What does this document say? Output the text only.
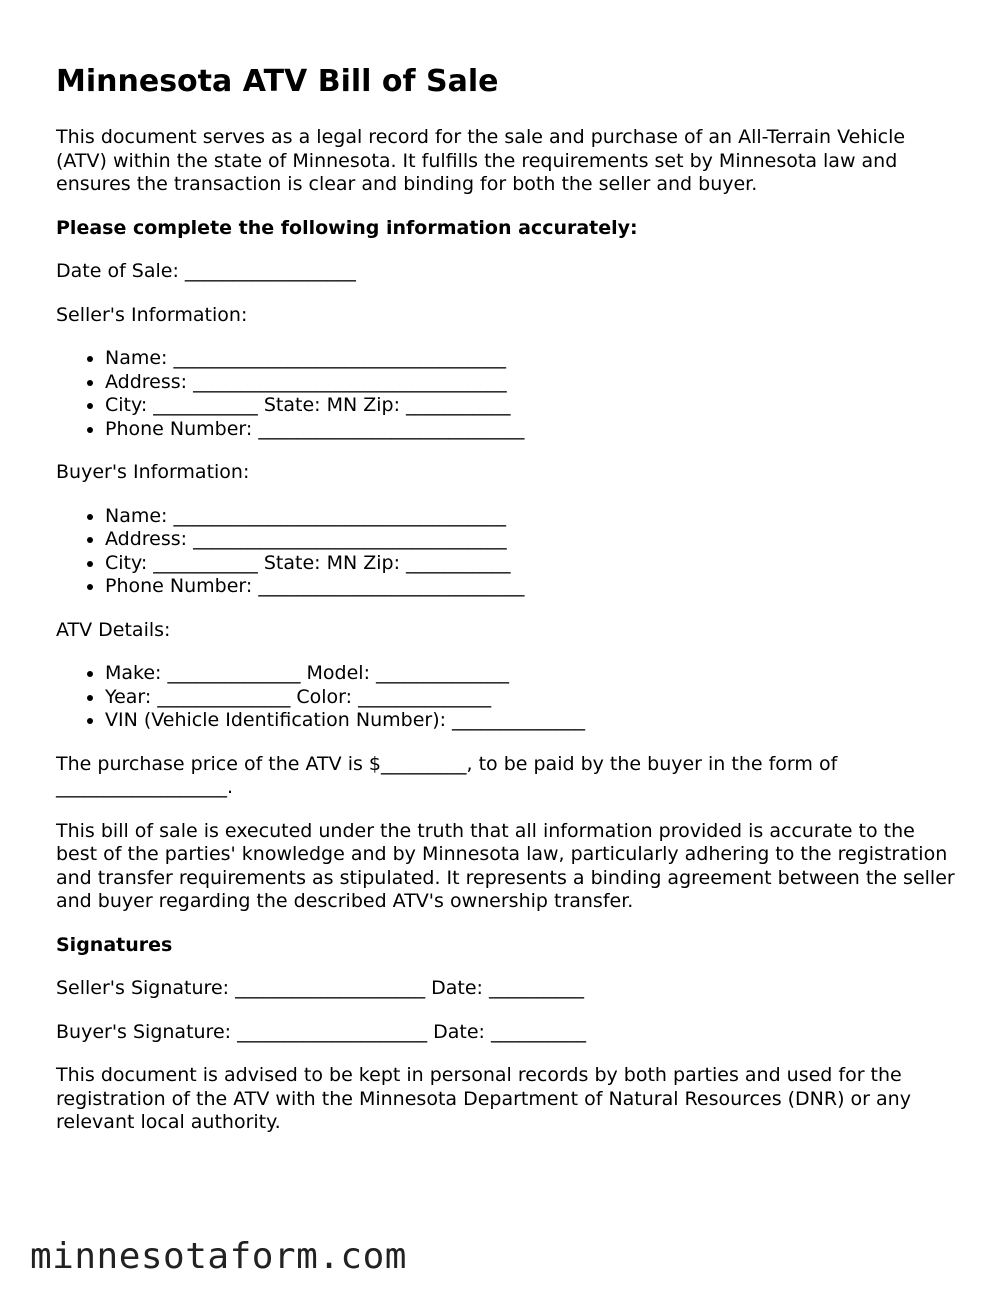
Minnesota ATV Bill of Sale

This document serves as a legal record for the sale and purchase of an All-Terrain Vehicle (ATV) within the state of Minnesota. It fulfills the requirements set by Minnesota law and ensures the transaction is clear and binding for both the seller and buyer.

Please complete the following information accurately:

Date of Sale: __________________

Seller's Information:

• Name: ___________________________________
• Address: _________________________________
• City: ___________ State: MN Zip: ___________
• Phone Number: ____________________________

Buyer's Information:

• Name: ___________________________________
• Address: _________________________________
• City: ___________ State: MN Zip: ___________
• Phone Number: ____________________________

ATV Details:

• Make: ______________ Model: ______________
• Year: ______________ Color: ______________
• VIN (Vehicle Identification Number): ______________

The purchase price of the ATV is $_________, to be paid by the buyer in the form of __________________.

This bill of sale is executed under the truth that all information provided is accurate to the best of the parties' knowledge and by Minnesota law, particularly adhering to the registration and transfer requirements as stipulated. It represents a binding agreement between the seller and buyer regarding the described ATV's ownership transfer.

Signatures

Seller's Signature: ____________________ Date: __________

Buyer's Signature: ____________________ Date: __________

This document is advised to be kept in personal records by both parties and used for the registration of the ATV with the Minnesota Department of Natural Resources (DNR) or any relevant local authority.

minnesotaform.com
